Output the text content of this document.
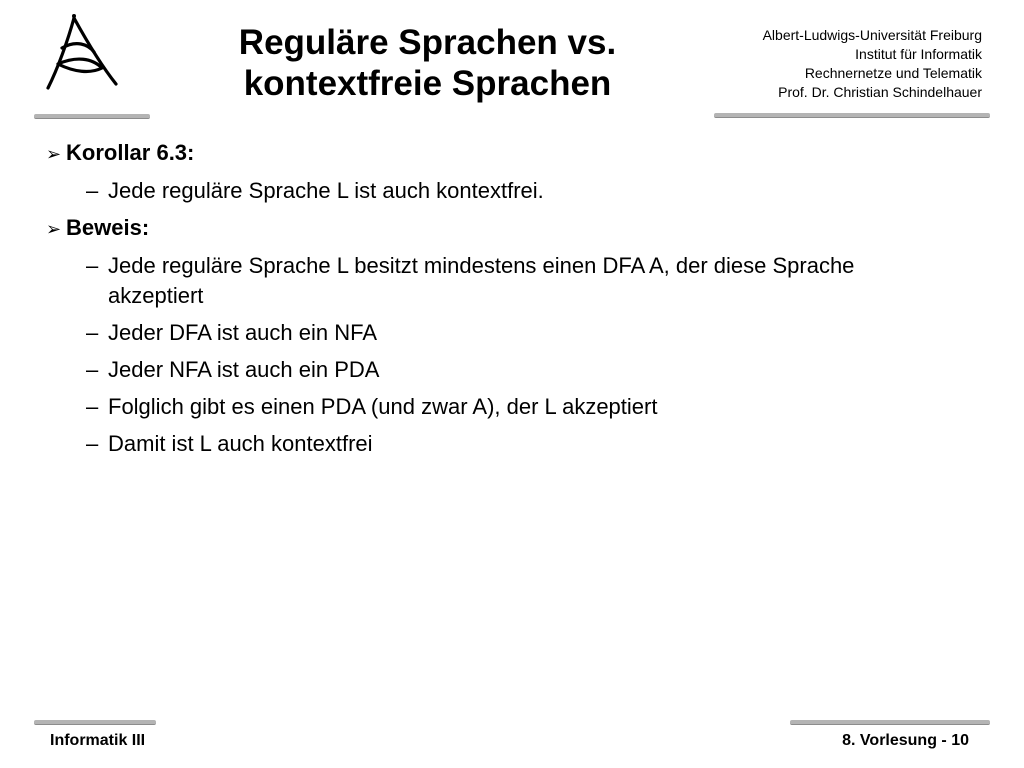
Reguläre Sprachen vs.
kontextfreie Sprachen
Albert-Ludwigs-Universität Freiburg
Institut für Informatik
Rechnernetze und Telematik
Prof. Dr. Christian Schindelhauer
➢ Korollar 6.3:
– Jede reguläre Sprache L ist auch kontextfrei.
➢ Beweis:
– Jede reguläre Sprache L besitzt mindestens einen DFA A, der diese Sprache akzeptiert
– Jeder DFA ist auch ein NFA
– Jeder NFA ist auch ein PDA
– Folglich gibt es einen PDA (und zwar A), der L akzeptiert
– Damit ist L auch kontextfrei
Informatik III	8. Vorlesung - 10
